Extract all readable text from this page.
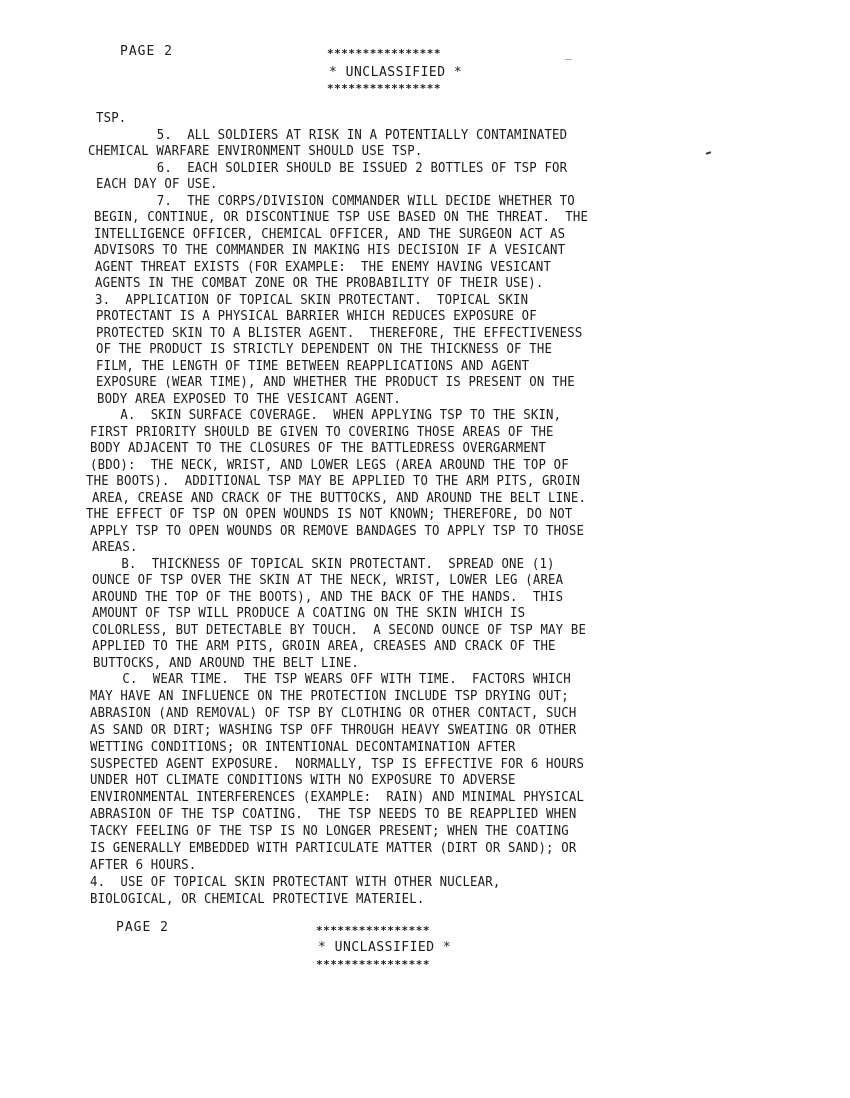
PAGE 2	****************
* UNCLASSIFIED *
****************
_
TSP.
5.  ALL SOLDIERS AT RISK IN A POTENTIALLY CONTAMINATED
CHEMICAL WARFARE ENVIRONMENT SHOULD USE TSP.
6.  EACH SOLDIER SHOULD BE ISSUED 2 BOTTLES OF TSP FOR
EACH DAY OF USE.
7.  THE CORPS/DIVISION COMMANDER WILL DECIDE WHETHER TO
BEGIN, CONTINUE, OR DISCONTINUE TSP USE BASED ON THE THREAT.  THE
INTELLIGENCE OFFICER, CHEMICAL OFFICER, AND THE SURGEON ACT AS
ADVISORS TO THE COMMANDER IN MAKING HIS DECISION IF A VESICANT
AGENT THREAT EXISTS (FOR EXAMPLE:  THE ENEMY HAVING VESICANT
AGENTS IN THE COMBAT ZONE OR THE PROBABILITY OF THEIR USE).
3.  APPLICATION OF TOPICAL SKIN PROTECTANT.  TOPICAL SKIN
PROTECTANT IS A PHYSICAL BARRIER WHICH REDUCES EXPOSURE OF
PROTECTED SKIN TO A BLISTER AGENT.  THEREFORE, THE EFFECTIVENESS
OF THE PRODUCT IS STRICTLY DEPENDENT ON THE THICKNESS OF THE
FILM, THE LENGTH OF TIME BETWEEN REAPPLICATIONS AND AGENT
EXPOSURE (WEAR TIME), AND WHETHER THE PRODUCT IS PRESENT ON THE
BODY AREA EXPOSED TO THE VESICANT AGENT.
A.  SKIN SURFACE COVERAGE.  WHEN APPLYING TSP TO THE SKIN,
FIRST PRIORITY SHOULD BE GIVEN TO COVERING THOSE AREAS OF THE
BODY ADJACENT TO THE CLOSURES OF THE BATTLEDRESS OVERGARMENT
(BDO):  THE NECK, WRIST, AND LOWER LEGS (AREA AROUND THE TOP OF
THE BOOTS).  ADDITIONAL TSP MAY BE APPLIED TO THE ARM PITS, GROIN
AREA, CREASE AND CRACK OF THE BUTTOCKS, AND AROUND THE BELT LINE.
THE EFFECT OF TSP ON OPEN WOUNDS IS NOT KNOWN; THEREFORE, DO NOT
APPLY TSP TO OPEN WOUNDS OR REMOVE BANDAGES TO APPLY TSP TO THOSE
AREAS.
B.  THICKNESS OF TOPICAL SKIN PROTECTANT.  SPREAD ONE (1)
OUNCE OF TSP OVER THE SKIN AT THE NECK, WRIST, LOWER LEG (AREA
AROUND THE TOP OF THE BOOTS), AND THE BACK OF THE HANDS.  THIS
AMOUNT OF TSP WILL PRODUCE A COATING ON THE SKIN WHICH IS
COLORLESS, BUT DETECTABLE BY TOUCH.  A SECOND OUNCE OF TSP MAY BE
APPLIED TO THE ARM PITS, GROIN AREA, CREASES AND CRACK OF THE
BUTTOCKS, AND AROUND THE BELT LINE.
C.  WEAR TIME.  THE TSP WEARS OFF WITH TIME.  FACTORS WHICH
MAY HAVE AN INFLUENCE ON THE PROTECTION INCLUDE TSP DRYING OUT;
ABRASION (AND REMOVAL) OF TSP BY CLOTHING OR OTHER CONTACT, SUCH
AS SAND OR DIRT; WASHING TSP OFF THROUGH HEAVY SWEATING OR OTHER
WETTING CONDITIONS; OR INTENTIONAL DECONTAMINATION AFTER
SUSPECTED AGENT EXPOSURE.  NORMALLY, TSP IS EFFECTIVE FOR 6 HOURS
UNDER HOT CLIMATE CONDITIONS WITH NO EXPOSURE TO ADVERSE
ENVIRONMENTAL INTERFERENCES (EXAMPLE:  RAIN) AND MINIMAL PHYSICAL
ABRASION OF THE TSP COATING.  THE TSP NEEDS TO BE REAPPLIED WHEN
TACKY FEELING OF THE TSP IS NO LONGER PRESENT; WHEN THE COATING
IS GENERALLY EMBEDDED WITH PARTICULATE MATTER (DIRT OR SAND); OR
AFTER 6 HOURS.
4.  USE OF TOPICAL SKIN PROTECTANT WITH OTHER NUCLEAR,
BIOLOGICAL, OR CHEMICAL PROTECTIVE MATERIEL.
PAGE 2	****************
* UNCLASSIFIED *
****************
